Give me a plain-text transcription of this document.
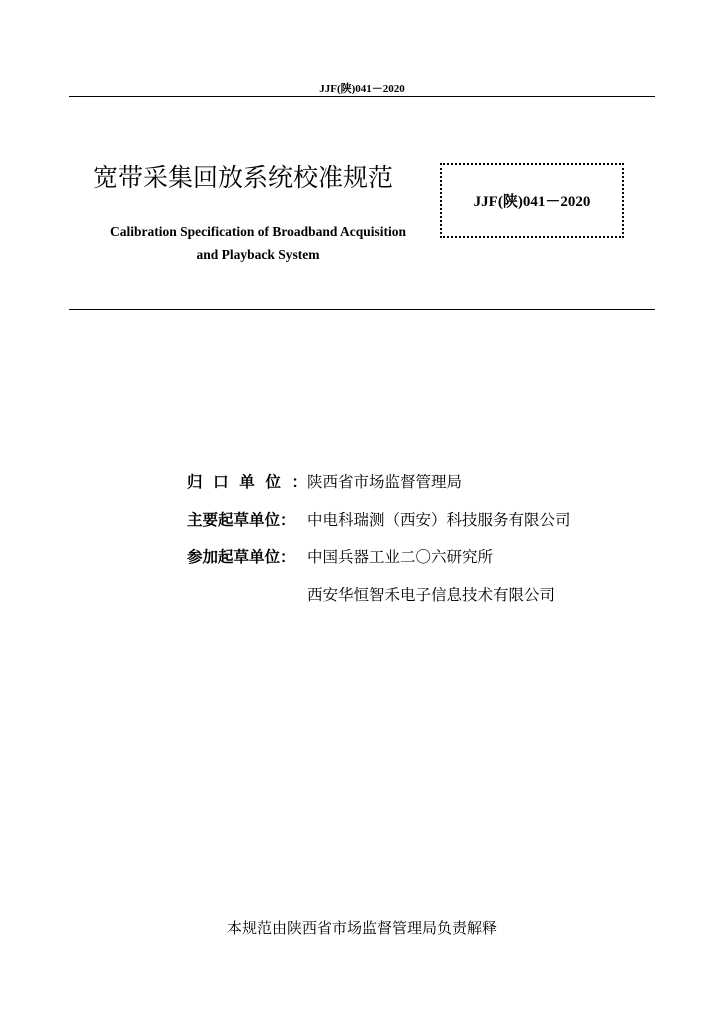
JJF(陕)041－2020
宽带采集回放系统校准规范
Calibration Specification of Broadband Acquisition
and Playback System
JJF(陕)041－2020
归 口 单 位 ： 陕西省市场监督管理局
主要起草单位： 中电科瑞测（西安）科技服务有限公司
参加起草单位： 中国兵器工业二〇六研究所
西安华恒智禾电子信息技术有限公司
本规范由陕西省市场监督管理局负责解释
